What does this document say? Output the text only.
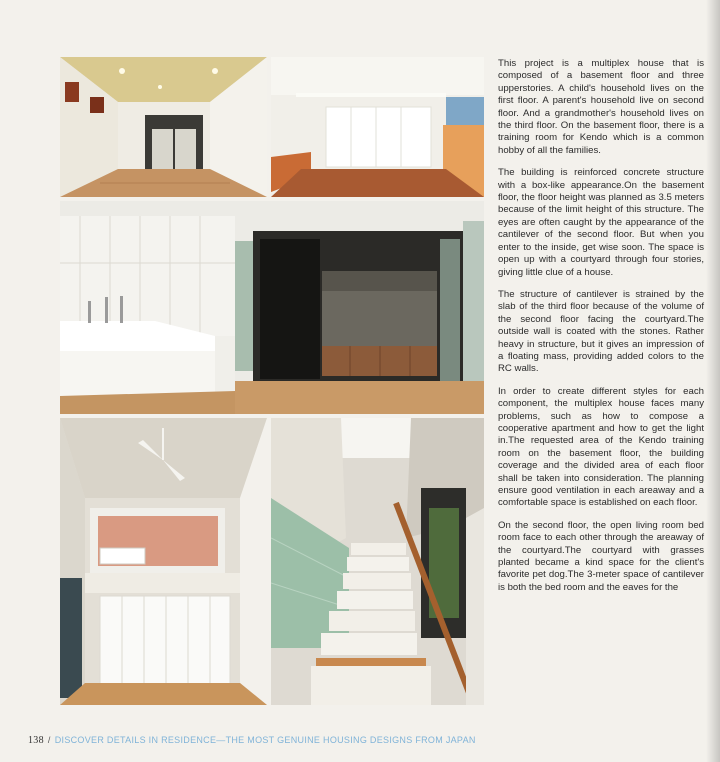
This project is a multiplex house that is composed of a basement floor and three upperstories. A child's household lives on the first floor. A parent's household live on second floor. And a grandmother's household lives on the third floor. On the basement floor, there is a training room for Kendo which is a common hobby of all the families.

The building is reinforced concrete structure with a box-like appearance.On the basement floor, the floor height was planned as 3.5 meters because of the limit height of this structure. The eyes are often caught by the appearance of the cantilever of the second floor. But when you enter to the inside, get wise soon. The space is open up with a courtyard through four stories, giving little clue of a house.

The structure of cantilever is strained by the slab of the third floor because of the volume of the second floor facing the courtyard.The outside wall is coated with the stones. Rather heavy in structure, but it gives an impression of a floating mass, providing added colors to the RC walls.

In order to create different styles for each component, the multiplex house faces many problems, such as how to compose a cooperative apartment and how to get the light in.The requested area of the Kendo training room on the basement floor, the building coverage and the divided area of each floor shall be taken into consideration. The planning ensure good ventilation in each areaway and a comfortable space is established on each floor.

On the second floor, the open living room bed room face to each other through the areaway of the courtyard.The courtyard with grasses planted became a kind space for the client's favorite pet dog.The 3-meter space of cantilever is both the bed room and the eaves for the

138 / DISCOVER DETAILS IN RESIDENCE—THE MOST GENUINE HOUSING DESIGNS FROM JAPAN
